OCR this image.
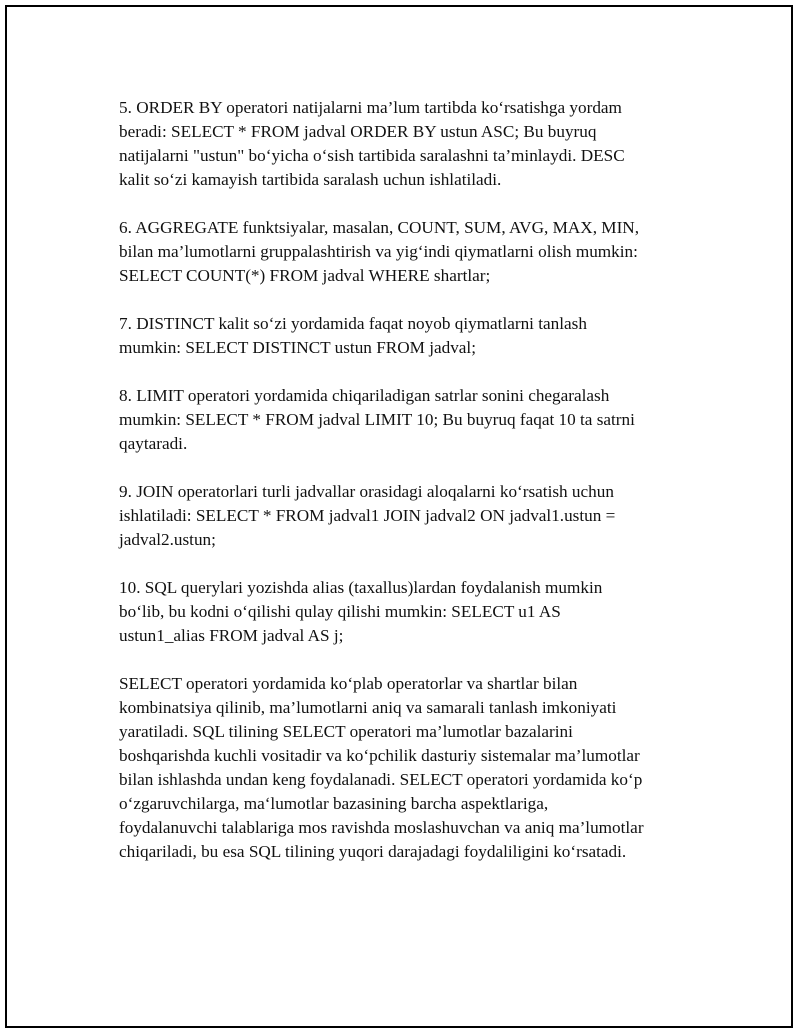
5. ORDER BY operatori natijalarni ma’lum tartibda ko‘rsatishga yordam
beradi: SELECT * FROM jadval ORDER BY ustun ASC; Bu buyruq
natijalarni "ustun" bo‘yicha o‘sish tartibida saralashni ta’minlaydi. DESC
kalit so‘zi kamayish tartibida saralash uchun ishlatiladi.

6. AGGREGATE funktsiyalar, masalan, COUNT, SUM, AVG, MAX, MIN,
bilan ma’lumotlarni gruppalashtirish va yig‘indi qiymatlarni olish mumkin:
SELECT COUNT(*) FROM jadval WHERE shartlar;

7. DISTINCT kalit so‘zi yordamida faqat noyob qiymatlarni tanlash
mumkin: SELECT DISTINCT ustun FROM jadval;

8. LIMIT operatori yordamida chiqariladigan satrlar sonini chegaralash
mumkin: SELECT * FROM jadval LIMIT 10; Bu buyruq faqat 10 ta satrni
qaytaradi.

9. JOIN operatorlari turli jadvallar orasidagi aloqalarni ko‘rsatish uchun
ishlatiladi: SELECT * FROM jadval1 JOIN jadval2 ON jadval1.ustun =
jadval2.ustun;

10. SQL querylari yozishda alias (taxallus)lardan foydalanish mumkin
bo‘lib, bu kodni o‘qilishi qulay qilishi mumkin: SELECT u1 AS
ustun1_alias FROM jadval AS j;

SELECT operatori yordamida ko‘plab operatorlar va shartlar bilan
kombinatsiya qilinib, ma’lumotlarni aniq va samarali tanlash imkoniyati
yaratiladi. SQL tilining SELECT operatori ma’lumotlar bazalarini
boshqarishda kuchli vositadir va ko‘pchilik dasturiy sistemalar ma’lumotlar
bilan ishlashda undan keng foydalanadi. SELECT operatori yordamida ko‘p
o‘zgaruvchilarga, ma‘lumotlar bazasining barcha aspektlariga,
foydalanuvchi talablariga mos ravishda moslashuvchan va aniq ma’lumotlar
chiqariladi, bu esa SQL tilining yuqori darajadagi foydaliligini ko‘rsatadi.
